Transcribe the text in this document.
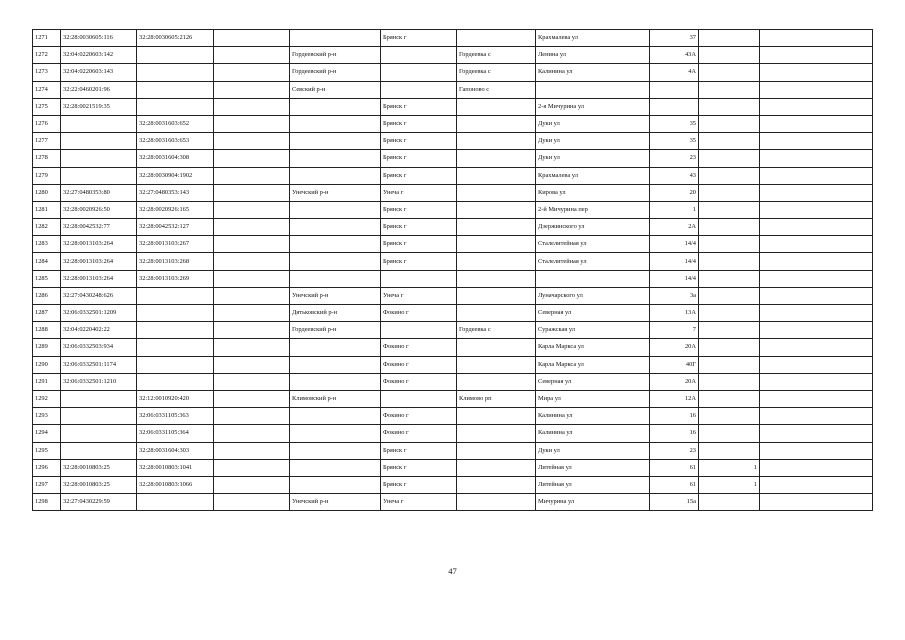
1271	32:28:0030605:116	32:28:0030605:2126			Брянск г		Крахмалева ул	37		
1272	32:04:0220603:142			Гордеевский р-н		Гордеевка с	Ленина ул	43А		
1273	32:04:0220603:143			Гордеевский р-н		Гордеевка с	Калинина ул	4А		
1274	32:22:0460201:96			Севский р-н		Гапоново с				
1275	32:28:0021519:35				Брянск г		2-я Мичурина ул			
1276		32:28:0031603:652			Брянск г		Дуки ул	35		
1277		32:28:0031603:653			Брянск г		Дуки ул	35		
1278		32:28:0031604:308			Брянск г		Дуки ул	23		
1279		32:28:0030904:1902			Брянск г		Крахмалева ул	43		
1280	32:27:0480353:80	32:27:0480353:143		Унечский р-н	Унеча г		Кирова ул	20		
1281	32:28:0020926:50	32:28:0020926:165			Брянск г		2-й Мичурина пер	1		
1282	32:28:0042532:77	32:28:0042532:127			Брянск г		Дзержинского ул	2А		
1283	32:28:0013103:264	32:28:0013103:267			Брянск г		Сталелитейная ул	14/4		
1284	32:28:0013103:264	32:28:0013103:268			Брянск г		Сталелитейная ул	14/4		
1285	32:28:0013103:264	32:28:0013103:269						14/4		
1286	32:27:0430248:626			Унечский р-н	Унеча г		Луначарского ул	3а		
1287	32:06:0332501:1209			Дятьковский р-н	Фокино г		Северная ул	13А		
1288	32:04:0220402:22			Гордеевский р-н		Гордеевка с	Суражская ул	7		
1289	32:06:0332503:934				Фокино г		Карла Маркса ул	20А		
1290	32:06:0332501:1174				Фокино г		Карла Маркса ул	40Г		
1291	32:06:0332501:1210				Фокино г		Северная ул	20А		
1292		32:12:0010920:420		Климовский р-н		Климово рп	Мира ул	12А		
1293		32:06:0331105:363			Фокино г		Калинина ул	16		
1294		32:06:0331105:364			Фокино г		Калинина ул	16		
1295		32:28:0031604:303			Брянск г		Дуки ул	23		
1296	32:28:0010803:25	32:28:0010803:1041			Брянск г		Литейная ул	61	1	
1297	32:28:0010803:25	32:28:0010803:1066			Брянск г		Литейная ул	61	1	
1298	32:27:0430229:59			Унечский р-н	Унеча г		Мичурина ул	15а		
47
